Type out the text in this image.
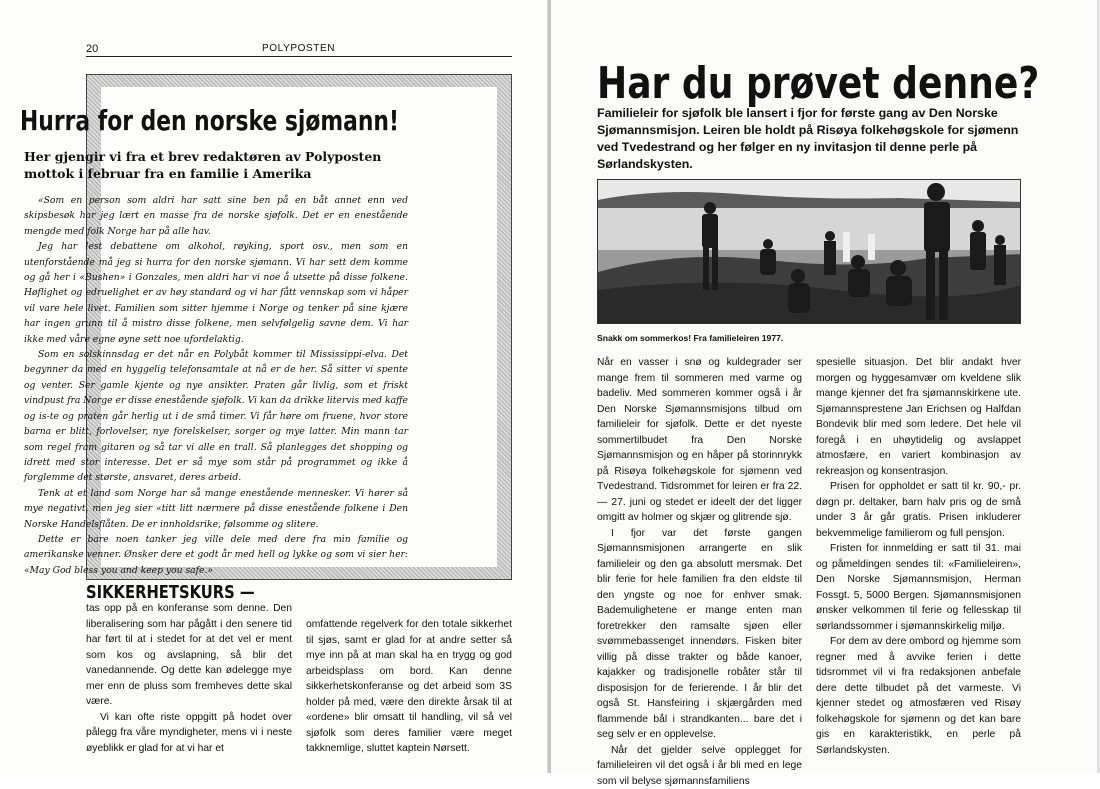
20	POLYPOSTEN
Hurra for den norske sjømann!

Her gjengir vi fra et brev redaktøren av Polyposten mottok i februar fra en familie i Amerika

«Som en person som aldri har satt sine ben på en båt annet enn ved skipsbesøk har jeg lært en masse fra de norske sjøfolk. Det er en enestående mengde med folk Norge har på alle hav.

Jeg har lest debattene om alkohol, røyking, sport osv., men som en utenforstående må jeg si hurra for den norske sjømann. Vi har sett dem komme og gå her i «Bushen» i Gonzales, men aldri har vi noe å utsette på disse folkene. Høflighet og edruelighet er av høy standard og vi har fått vennskap som vi håper vil vare hele livet. Familien som sitter hjemme i Norge og tenker på sine kjære har ingen grunn til å mistro disse folkene, men selvfølgelig savne dem. Vi har ikke med våre egne øyne sett noe ufordelaktig.

Som en solskinnsdag er det når en Polybåt kommer til Mississippi-elva. Det begynner da med en hyggelig telefonsamtale at nå er de her. Så sitter vi spente og venter. Ser gamle kjente og nye ansikter. Praten går livlig, som et friskt vindpust fra Norge er disse enestående sjøfolk. Vi kan da drikke litervis med kaffe og is-te og praten går herlig ut i de små timer. Vi får høre om fruene, hvor store barna er blitt, forlovelser, nye forelskelser, sorger og mye latter. Min mann tar som regel fram gitaren og så tar vi alle en trall. Så planlegges det shopping og idrett med stor interesse. Det er så mye som står på programmet og ikke å forglemme det største, ansvaret, deres arbeid.

Tenk at et land som Norge har så mange enestående mennesker. Vi hører så mye negativt, men jeg sier «titt litt nærmere på disse enestående folkene i Den Norske Handelsflåten. De er innholdsrike, følsomme og slitere.

Dette er bare noen tanker jeg ville dele med dere fra min familie og amerikanske venner. Ønsker dere et godt år med hell og lykke og som vi sier her: «May God bless you and keep you safe.»

SIKKERHETSKURS —

tas opp på en konferanse som denne. Den liberalisering som har pågått i den senere tid har ført til at i stedet for at det vel er ment som kos og avslapning, så blir det vanedannende. Og dette kan ødelegge mye mer enn de pluss som fremheves dette skal være.

Vi kan ofte riste oppgitt på hodet over pålegg fra våre myndigheter, mens vi i neste øyeblikk er glad for at vi har et

omfattende regelverk for den totale sikkerhet til sjøs, samt er glad for at andre setter så mye inn på at man skal ha en trygg og god arbeidsplass om bord. Kan denne sikkerhetskonferanse og det arbeid som 3S holder på med, være den direkte årsak til at «ordene» blir omsatt til handling, vil så vel sjøfolk som deres familier være meget takknemlige, sluttet kaptein Nørsett.

Har du prøvet denne?

Familieleir for sjøfolk ble lansert i fjor for første gang av Den Norske Sjømannsmisjon. Leiren ble holdt på Risøya folkehøgskole for sjømenn ved Tvedestrand og her følger en ny invitasjon til denne perle på Sørlandskysten.

Snakk om sommerkos! Fra familieleiren 1977.

Når en vasser i snø og kuldegrader ser mange frem til sommeren med varme og badeliv. Med sommeren kommer også i år Den Norske Sjømannsmisjons tilbud om familieleir for sjøfolk. Dette er det nyeste sommertilbudet fra Den Norske Sjømannsmisjon og en håper på storinnrykk på Risøya folkehøgskole for sjømenn ved Tvedestrand. Tidsrommet for leiren er fra 22. — 27. juni og stedet er ideelt der det ligger omgitt av holmer og skjær og glitrende sjø.

I fjor var det første gangen Sjømannsmisjonen arrangerte en slik familieleir og den ga absolutt mersmak. Det blir ferie for hele familien fra den eldste til den yngste og noe for enhver smak. Bademulighetene er mange enten man foretrekker den ramsalte sjøen eller svømmebassenget innendørs. Fisken biter villig på disse trakter og både kanoer, kajakker og tradisjonelle robåter står til disposisjon for de ferierende. I år blir det også St. Hansfeiring i skjærgården med flammende bål i strandkanten... bare det i seg selv er en opplevelse.

Når det gjelder selve opplegget for familieleiren vil det også i år bli med en lege som vil belyse sjømannsfamiliens

spesielle situasjon. Det blir andakt hver morgen og hyggesamvær om kveldene slik mange kjenner det fra sjømannskirkene ute. Sjømannsprestene Jan Erichsen og Halfdan Bondevik blir med som ledere. Det hele vil foregå i en uhøytidelig og avslappet atmosfære, en variert kombinasjon av rekreasjon og konsentrasjon.

Prisen for oppholdet er satt til kr. 90,- pr. døgn pr. deltaker, barn halv pris og de små under 3 år går gratis. Prisen inkluderer bekvemmelige familierom og full pensjon.

Fristen for innmelding er satt til 31. mai og påmeldingen sendes til: «Familieleiren», Den Norske Sjømannsmisjon, Herman Fossgt. 5, 5000 Bergen. Sjømannsmisjonen ønsker velkommen til ferie og fellesskap til sørlandssommer i sjømannskirkelig miljø.

For dem av dere ombord og hjemme som regner med å avvike ferien i dette tidsrommet vil vi fra redaksjonen anbefale dere dette tilbudet på det varmeste. Vi kjenner stedet og atmosfæren ved Risøy folkehøgskole for sjømenn og det kan bare gis en karakteristikk, en perle på Sørlandskysten.
